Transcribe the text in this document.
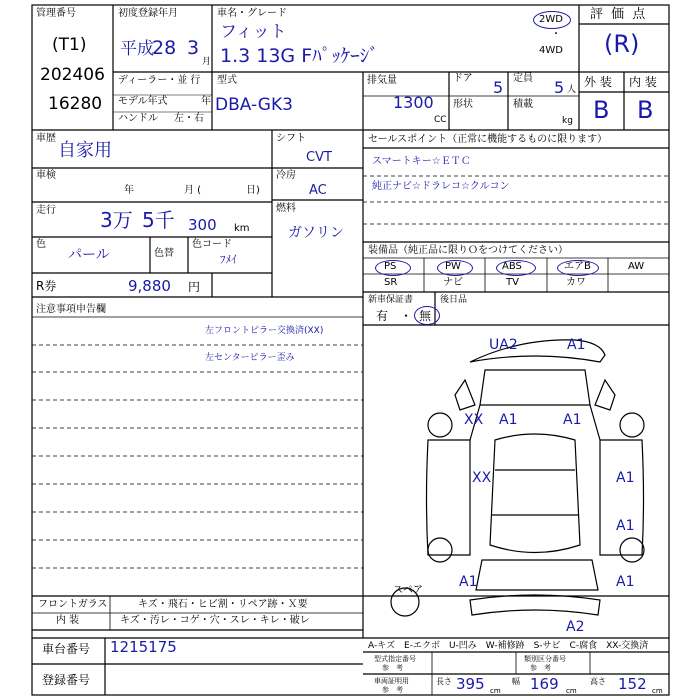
管理番号
(T1)
202406
16280
初度登録年月
平成
28 3
月
車名・グレード
フィット
1.3 13G Fﾊﾟｯｹｰｼﾞ
2WD
・
4WD
評 価 点
(R)
ディーラー・並 行
モデル年式	年
ハンドル 左・右
型式
DBA-GK3
排気量
1300
CC
ドア 5 定員 5 人
形状	積載
kg
外 装 内 装
B B
車歴
自家用
車検
年	月 (	日)
走行 3万 5千 300 km
色
パール	色替
色コード
ﾌﾒｲ
R券	9,880 円
シフト
CVT
冷房
AC
燃料
ガソリン
セールスポイント（正常に機能するものに限ります）
スマートキー☆ＥＴＣ
純正ナビ☆ドラレコ☆クルコン
装備品（純正品に限りＯをつけてください）
PS	PW	ABS	エアB	AW
SR	ナビ	TV	カワ
新車保証書
有 ・ 無
後日品
注意事項申告欄
左フロントピラー交換済(XX)
左センターピラー歪み
UA2	A1
XX A1	A1
XX	A1
A1
A1	A1
A2
スペア
フロントガラス	キズ・飛石・ヒビ割・リペア跡・Ｘ要
内 装	キズ・汚レ・コゲ・穴・スレ・キレ・破レ
A-キズ　E-エクボ　U-凹み　W-補修跡　S-サビ　C-腐食　XX-交換済
車台番号 1215175
登録番号
型式指定番号
参　考
類別区分番号
参　考
車両証明用
参　考
長さ 395 cm
幅 169 cm
高さ 152 cm
